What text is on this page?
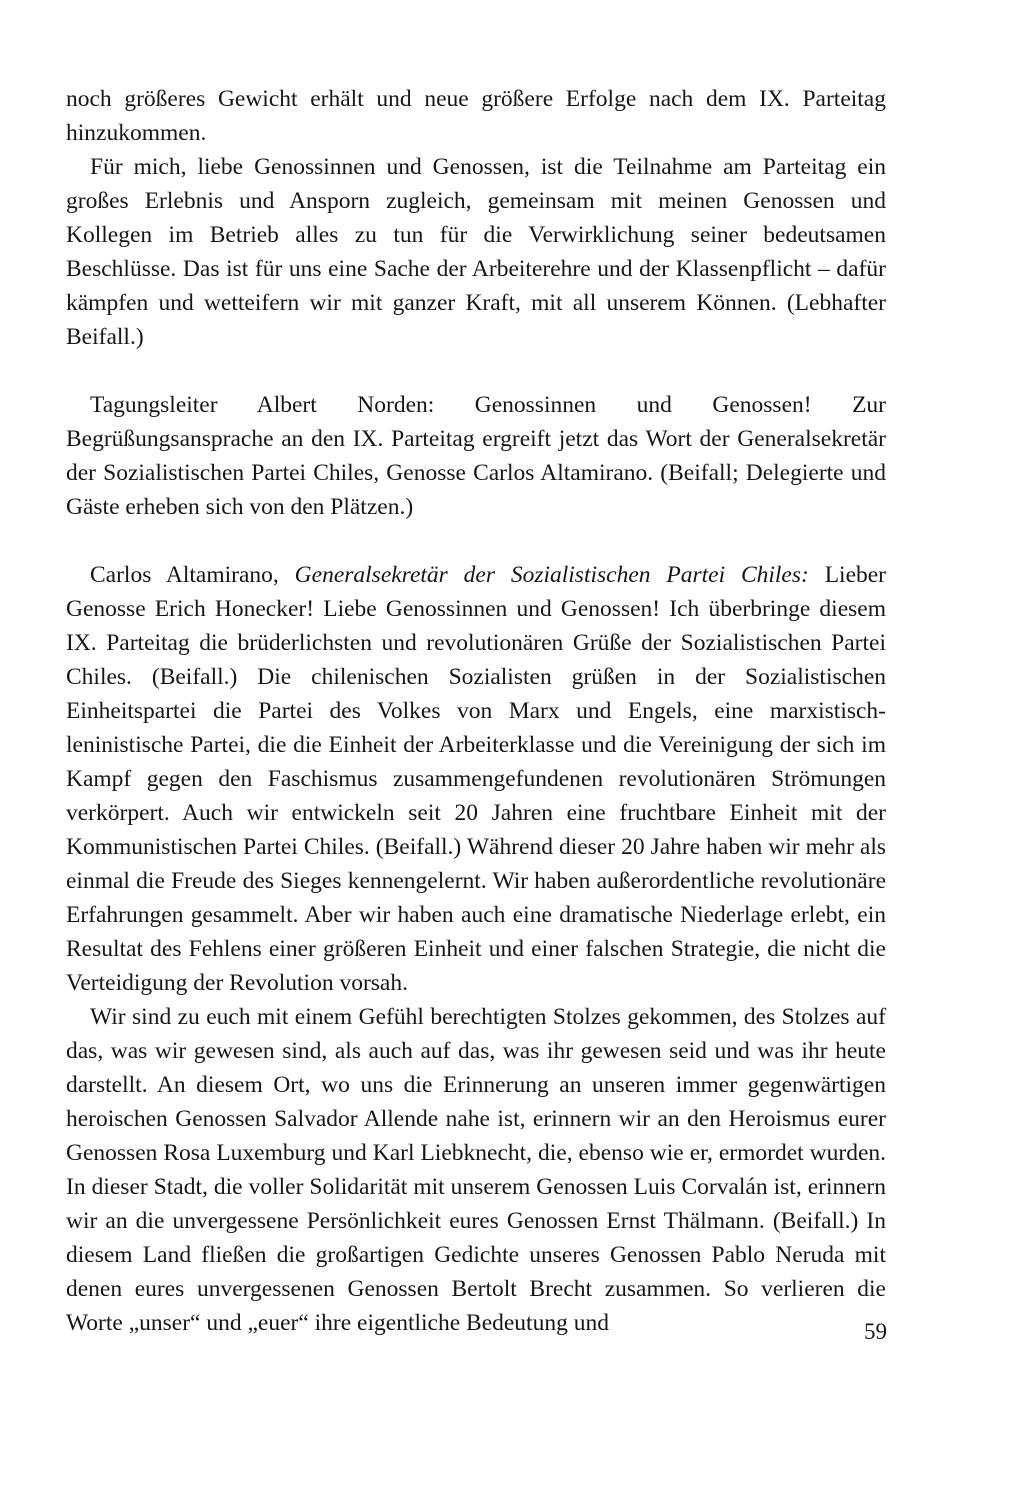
noch größeres Gewicht erhält und neue größere Erfolge nach dem IX. Parteitag hinzukommen.

Für mich, liebe Genossinnen und Genossen, ist die Teilnahme am Parteitag ein großes Erlebnis und Ansporn zugleich, gemeinsam mit meinen Genossen und Kollegen im Betrieb alles zu tun für die Verwirklichung seiner bedeutsamen Beschlüsse. Das ist für uns eine Sache der Arbeiterehre und der Klassenpflicht – dafür kämpfen und wetteifern wir mit ganzer Kraft, mit all unserem Können. (Lebhafter Beifall.)

Tagungsleiter Albert Norden: Genossinnen und Genossen! Zur Begrüßungsansprache an den IX. Parteitag ergreift jetzt das Wort der Generalsekretär der Sozialistischen Partei Chiles, Genosse Carlos Altamirano. (Beifall; Delegierte und Gäste erheben sich von den Plätzen.)

Carlos Altamirano, Generalsekretär der Sozialistischen Partei Chiles: Lieber Genosse Erich Honecker! Liebe Genossinnen und Genossen! Ich überbringe diesem IX. Parteitag die brüderlichsten und revolutionären Grüße der Sozialistischen Partei Chiles. (Beifall.) Die chilenischen Sozialisten grüßen in der Sozialistischen Einheitspartei die Partei des Volkes von Marx und Engels, eine marxistisch-leninistische Partei, die die Einheit der Arbeiterklasse und die Vereinigung der sich im Kampf gegen den Faschismus zusammengefundenen revolutionären Strömungen verkörpert. Auch wir entwickeln seit 20 Jahren eine fruchtbare Einheit mit der Kommunistischen Partei Chiles. (Beifall.) Während dieser 20 Jahre haben wir mehr als einmal die Freude des Sieges kennengelernt. Wir haben außerordentliche revolutionäre Erfahrungen gesammelt. Aber wir haben auch eine dramatische Niederlage erlebt, ein Resultat des Fehlens einer größeren Einheit und einer falschen Strategie, die nicht die Verteidigung der Revolution vorsah.

Wir sind zu euch mit einem Gefühl berechtigten Stolzes gekommen, des Stolzes auf das, was wir gewesen sind, als auch auf das, was ihr gewesen seid und was ihr heute darstellt. An diesem Ort, wo uns die Erinnerung an unseren immer gegenwärtigen heroischen Genossen Salvador Allende nahe ist, erinnern wir an den Heroismus eurer Genossen Rosa Luxemburg und Karl Liebknecht, die, ebenso wie er, ermordet wurden. In dieser Stadt, die voller Solidarität mit unserem Genossen Luis Corvalán ist, erinnern wir an die unvergessene Persönlichkeit eures Genossen Ernst Thälmann. (Beifall.) In diesem Land fließen die großartigen Gedichte unseres Genossen Pablo Neruda mit denen eures unvergessenen Genossen Bertolt Brecht zusammen. So verlieren die Worte „unser“ und „euer“ ihre eigentliche Bedeutung und	59
